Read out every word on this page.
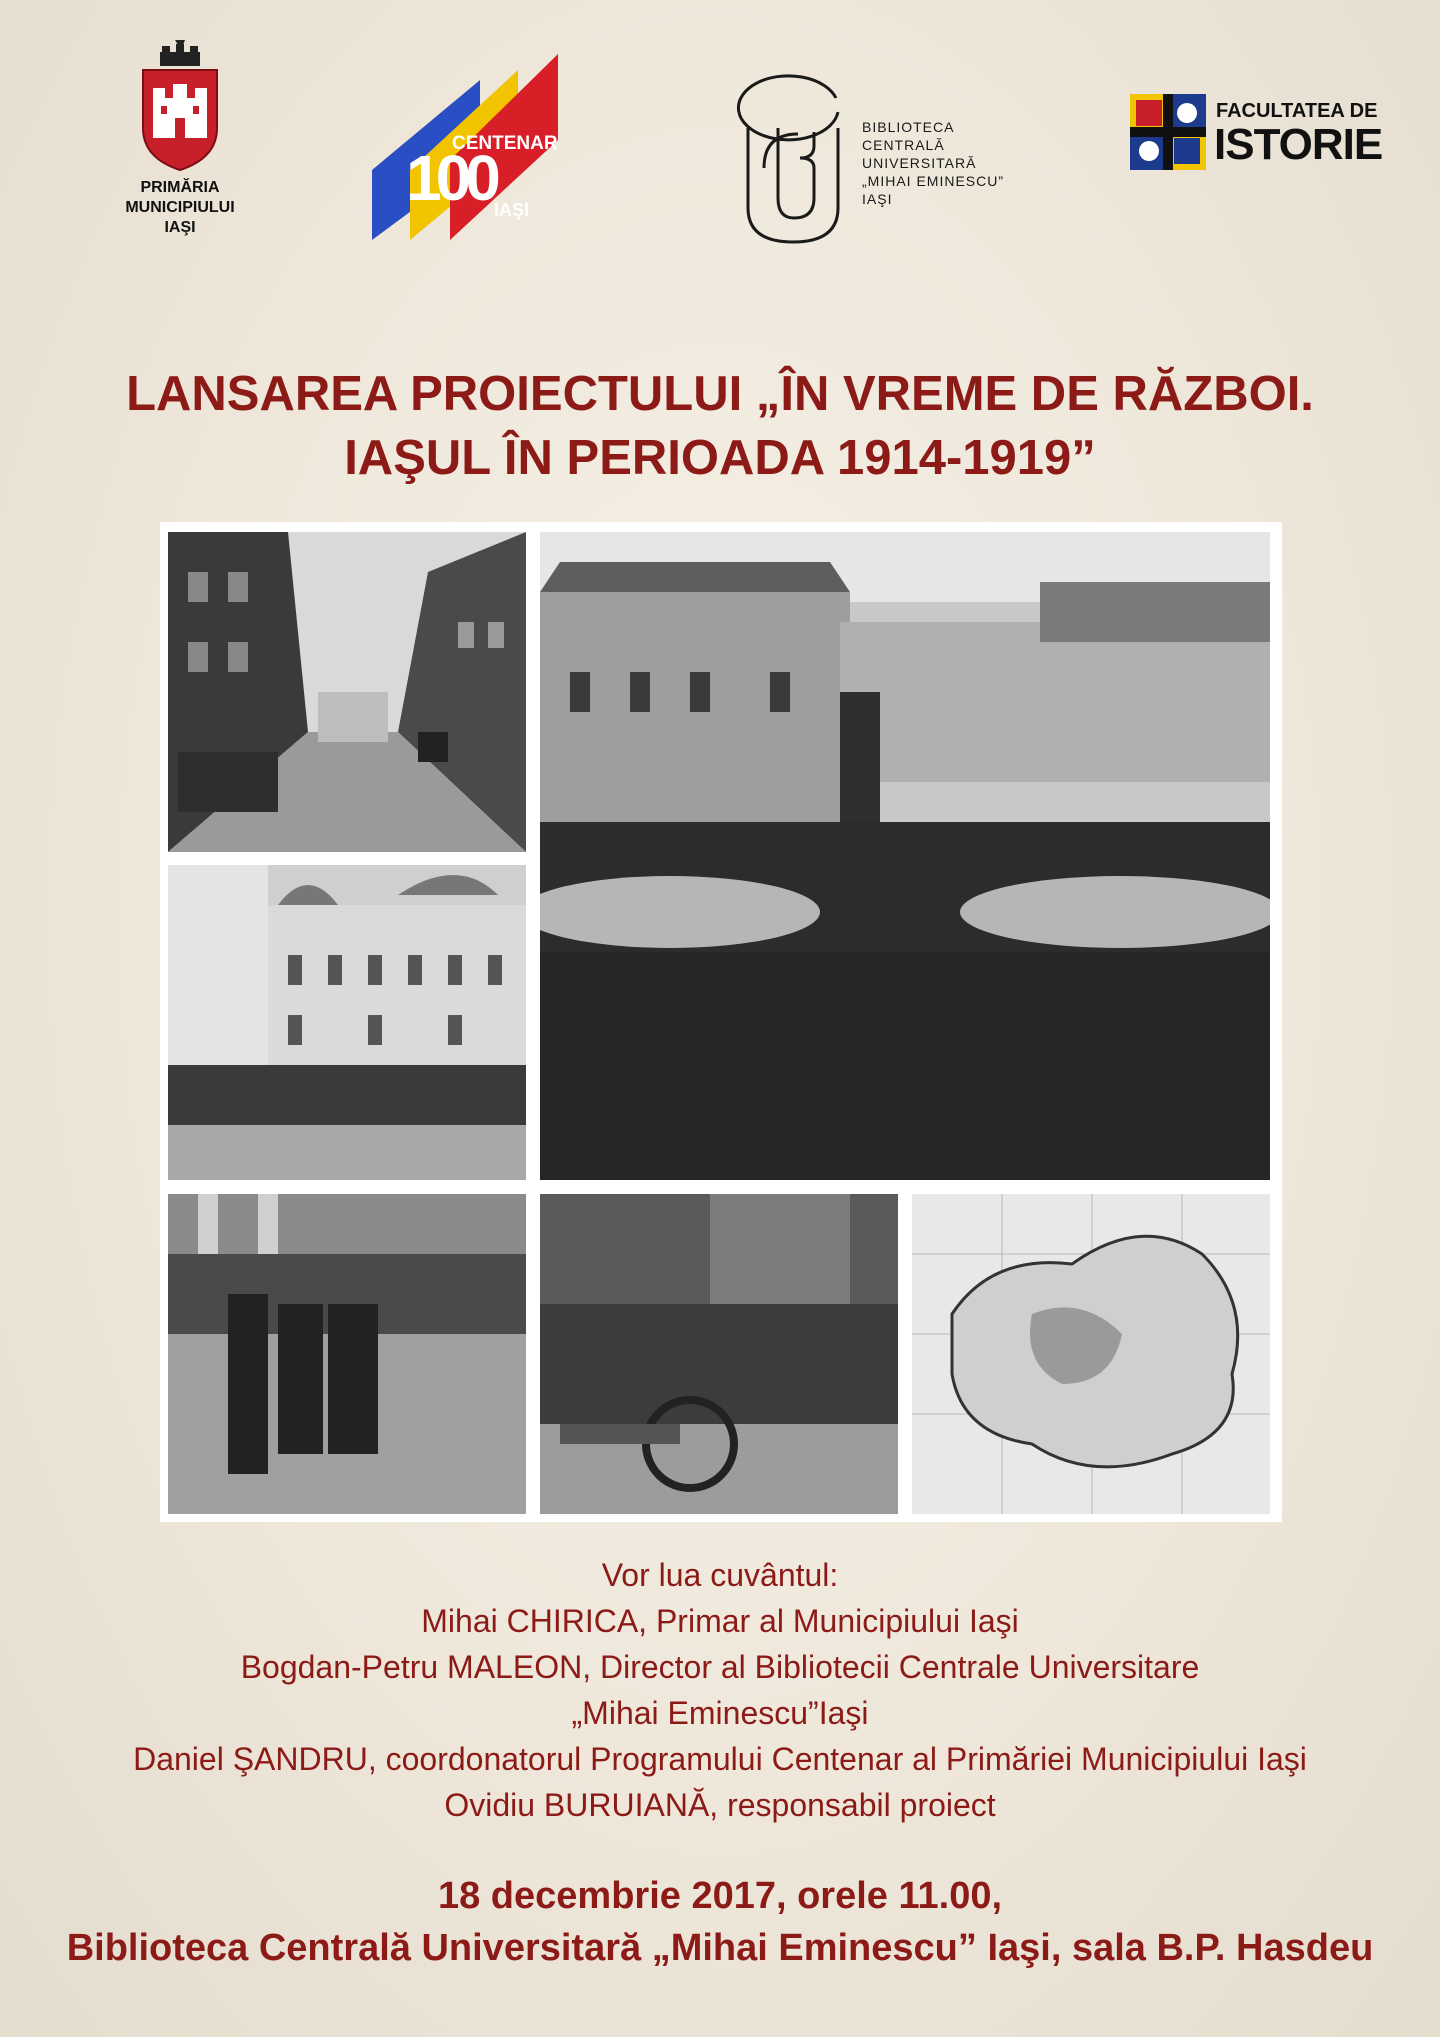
PRIMĂRIA
MUNICIPIULUI
IAŞI
100
CENTENAR
IAŞI
BIBLIOTECA
CENTRALĂ
UNIVERSITARĂ
„MIHAI EMINESCU”
IAŞI
FACULTATEA DE
ISTORIE
LANSAREA PROIECTULUI „ÎN VREME DE RĂZBOI.
IAŞUL ÎN PERIOADA 1914-1919”
Vor lua cuvântul:
Mihai CHIRICA, Primar al Municipiului Iaşi
Bogdan-Petru MALEON, Director al Bibliotecii Centrale Universitare
„Mihai Eminescu”Iaşi
Daniel ŞANDRU, coordonatorul Programului Centenar al Primăriei Municipiului Iaşi
Ovidiu BURUIANĂ, responsabil proiect
18 decembrie 2017, orele 11.00,
Biblioteca Centrală Universitară „Mihai Eminescu” Iaşi, sala B.P. Hasdeu
